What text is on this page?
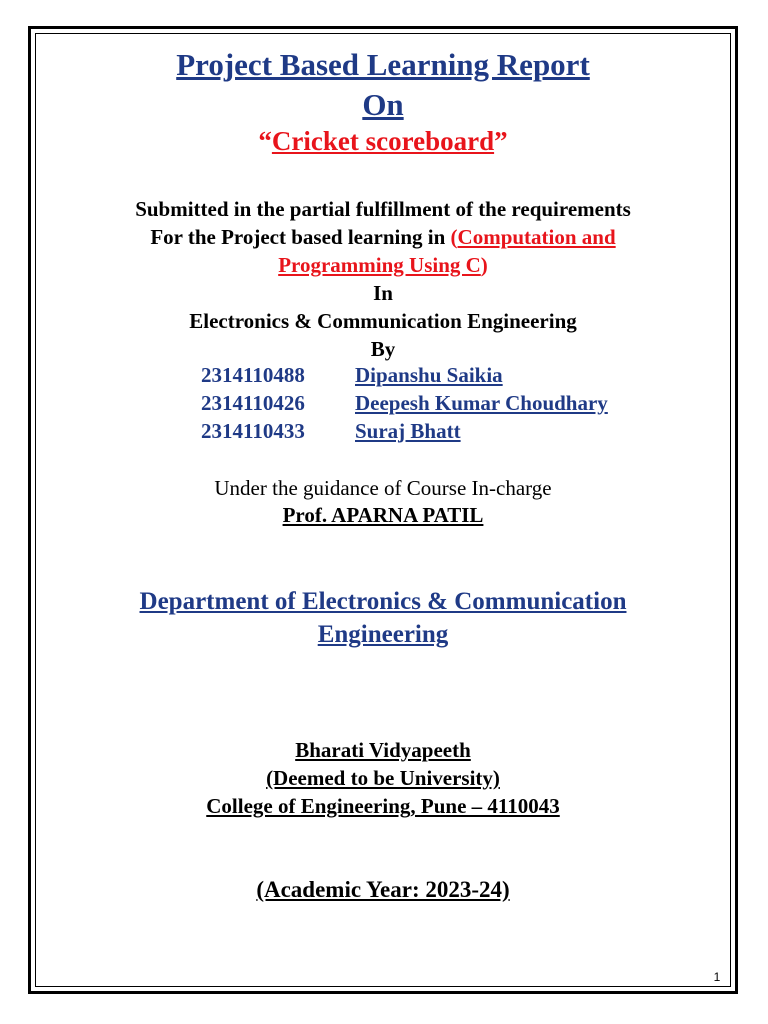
Project Based Learning Report
On
“Cricket scoreboard”
Submitted in the partial fulfillment of the requirements
For the Project based learning in (Computation and
Programming Using C)
In
Electronics & Communication Engineering
By
2314110488 Dipanshu Saikia
2314110426 Deepesh Kumar Choudhary
2314110433 Suraj Bhatt
Under the guidance of Course In-charge
Prof. APARNA PATIL
Department of Electronics & Communication
Engineering
Bharati Vidyapeeth
(Deemed to be University)
College of Engineering, Pune – 4110043
(Academic Year: 2023-24)
1
